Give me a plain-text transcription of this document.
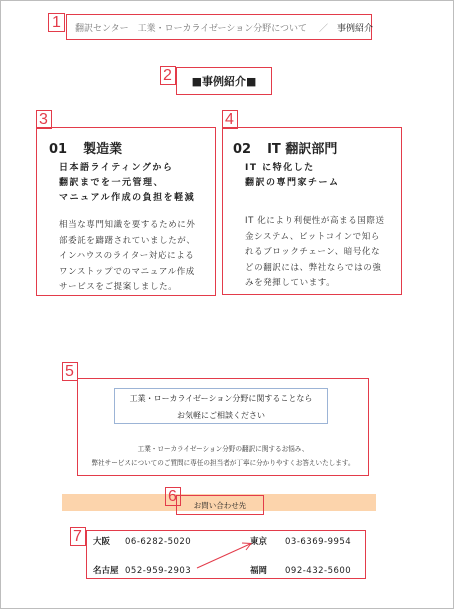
1 翻訳センター 工業・ローカライゼーション分野について ／ 事例紹介
2	■事例紹介■
3
01 製造業
日本語ライティングから
翻訳までを一元管理、
マニュアル作成の負担を軽減
相当な専門知識を要するために外
部委託を躊躇されていましたが、
インハウスのライター対応による
ワンストップでのマニュアル作成
サービスをご提案しました。
4
02 IT 翻訳部門
IT に特化した
翻訳の専門家チーム
IT 化により利便性が高まる国際送
金システム、ビットコインで知ら
れるブロックチェーン、暗号化な
どの翻訳には、弊社ならではの強
みを発揮しています。
5
工業・ローカライゼーション分野に関することなら
お気軽にご相談ください
工業・ローカライゼーション分野の翻訳に関するお悩み、
弊社サービスについてのご質問に専任の担当者が丁寧に分かりやすくお答えいたします。
6	お問い合わせ先
7 大阪 06-6282-5020	東京 03-6369-9954
名古屋 052-959-2903	福岡 092-432-5600
